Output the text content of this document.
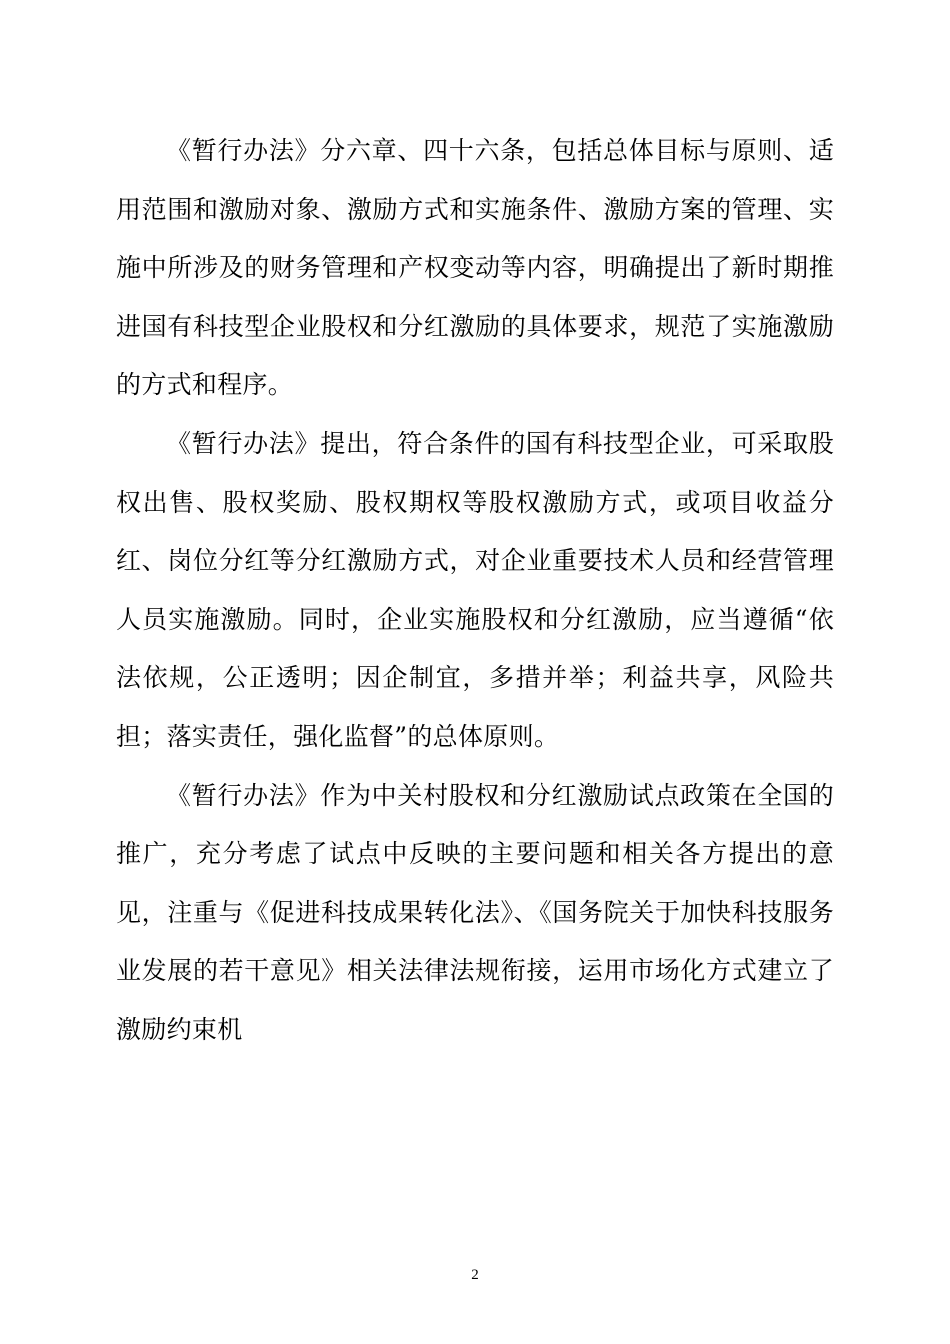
《暂行办法》分六章、四十六条，包括总体目标与原则、适用范围和激励对象、激励方式和实施条件、激励方案的管理、实施中所涉及的财务管理和产权变动等内容，明确提出了新时期推进国有科技型企业股权和分红激励的具体要求，规范了实施激励的方式和程序。

《暂行办法》提出，符合条件的国有科技型企业，可采取股权出售、股权奖励、股权期权等股权激励方式，或项目收益分红、岗位分红等分红激励方式，对企业重要技术人员和经营管理人员实施激励。同时，企业实施股权和分红激励，应当遵循“依法依规，公正透明；因企制宜，多措并举；利益共享，风险共担；落实责任，强化监督”的总体原则。

《暂行办法》作为中关村股权和分红激励试点政策在全国的推广，充分考虑了试点中反映的主要问题和相关各方提出的意见，注重与《促进科技成果转化法》、《国务院关于加快科技服务业发展的若干意见》相关法律法规衔接，运用市场化方式建立了激励约束机

2
